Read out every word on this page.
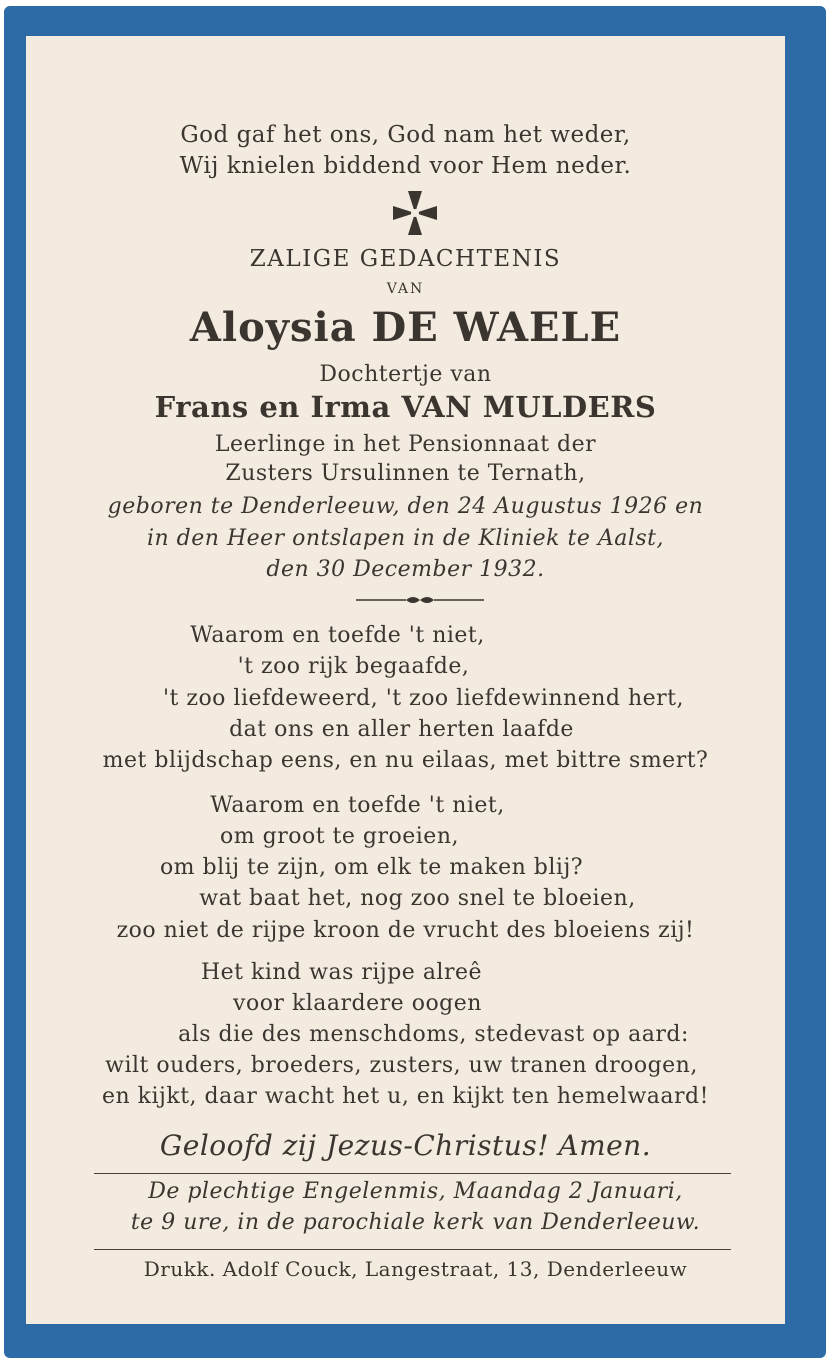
God gaf het ons, God nam het weder,
Wij knielen biddend voor Hem neder.
ZALIGE GEDACHTENIS
VAN
Aloysia DE WAELE
Dochtertje van
Frans en Irma VAN MULDERS
Leerlinge in het Pensionnaat der
Zusters Ursulinnen te Ternath,
geboren te Denderleeuw, den 24 Augustus 1926 en
in den Heer ontslapen in de Kliniek te Aalst,
den 30 December 1932.
Waarom en toefde 't niet,
't zoo rijk begaafde,
't zoo liefdeweerd, 't zoo liefdewinnend hert,
dat ons en aller herten laafde
met blijdschap eens, en nu eilaas, met bittre smert?
Waarom en toefde 't niet,
om groot te groeien,
om blij te zijn, om elk te maken blij?
wat baat het, nog zoo snel te bloeien,
zoo niet de rijpe kroon de vrucht des bloeiens zij!
Het kind was rijpe alreê
voor klaardere oogen
als die des menschdoms, stedevast op aard:
wilt ouders, broeders, zusters, uw tranen droogen,
en kijkt, daar wacht het u, en kijkt ten hemelwaard!
Geloofd zij Jezus-Christus! Amen.
De plechtige Engelenmis, Maandag 2 Januari,
te 9 ure, in de parochiale kerk van Denderleeuw.
Drukk. Adolf Couck, Langestraat, 13, Denderleeuw
